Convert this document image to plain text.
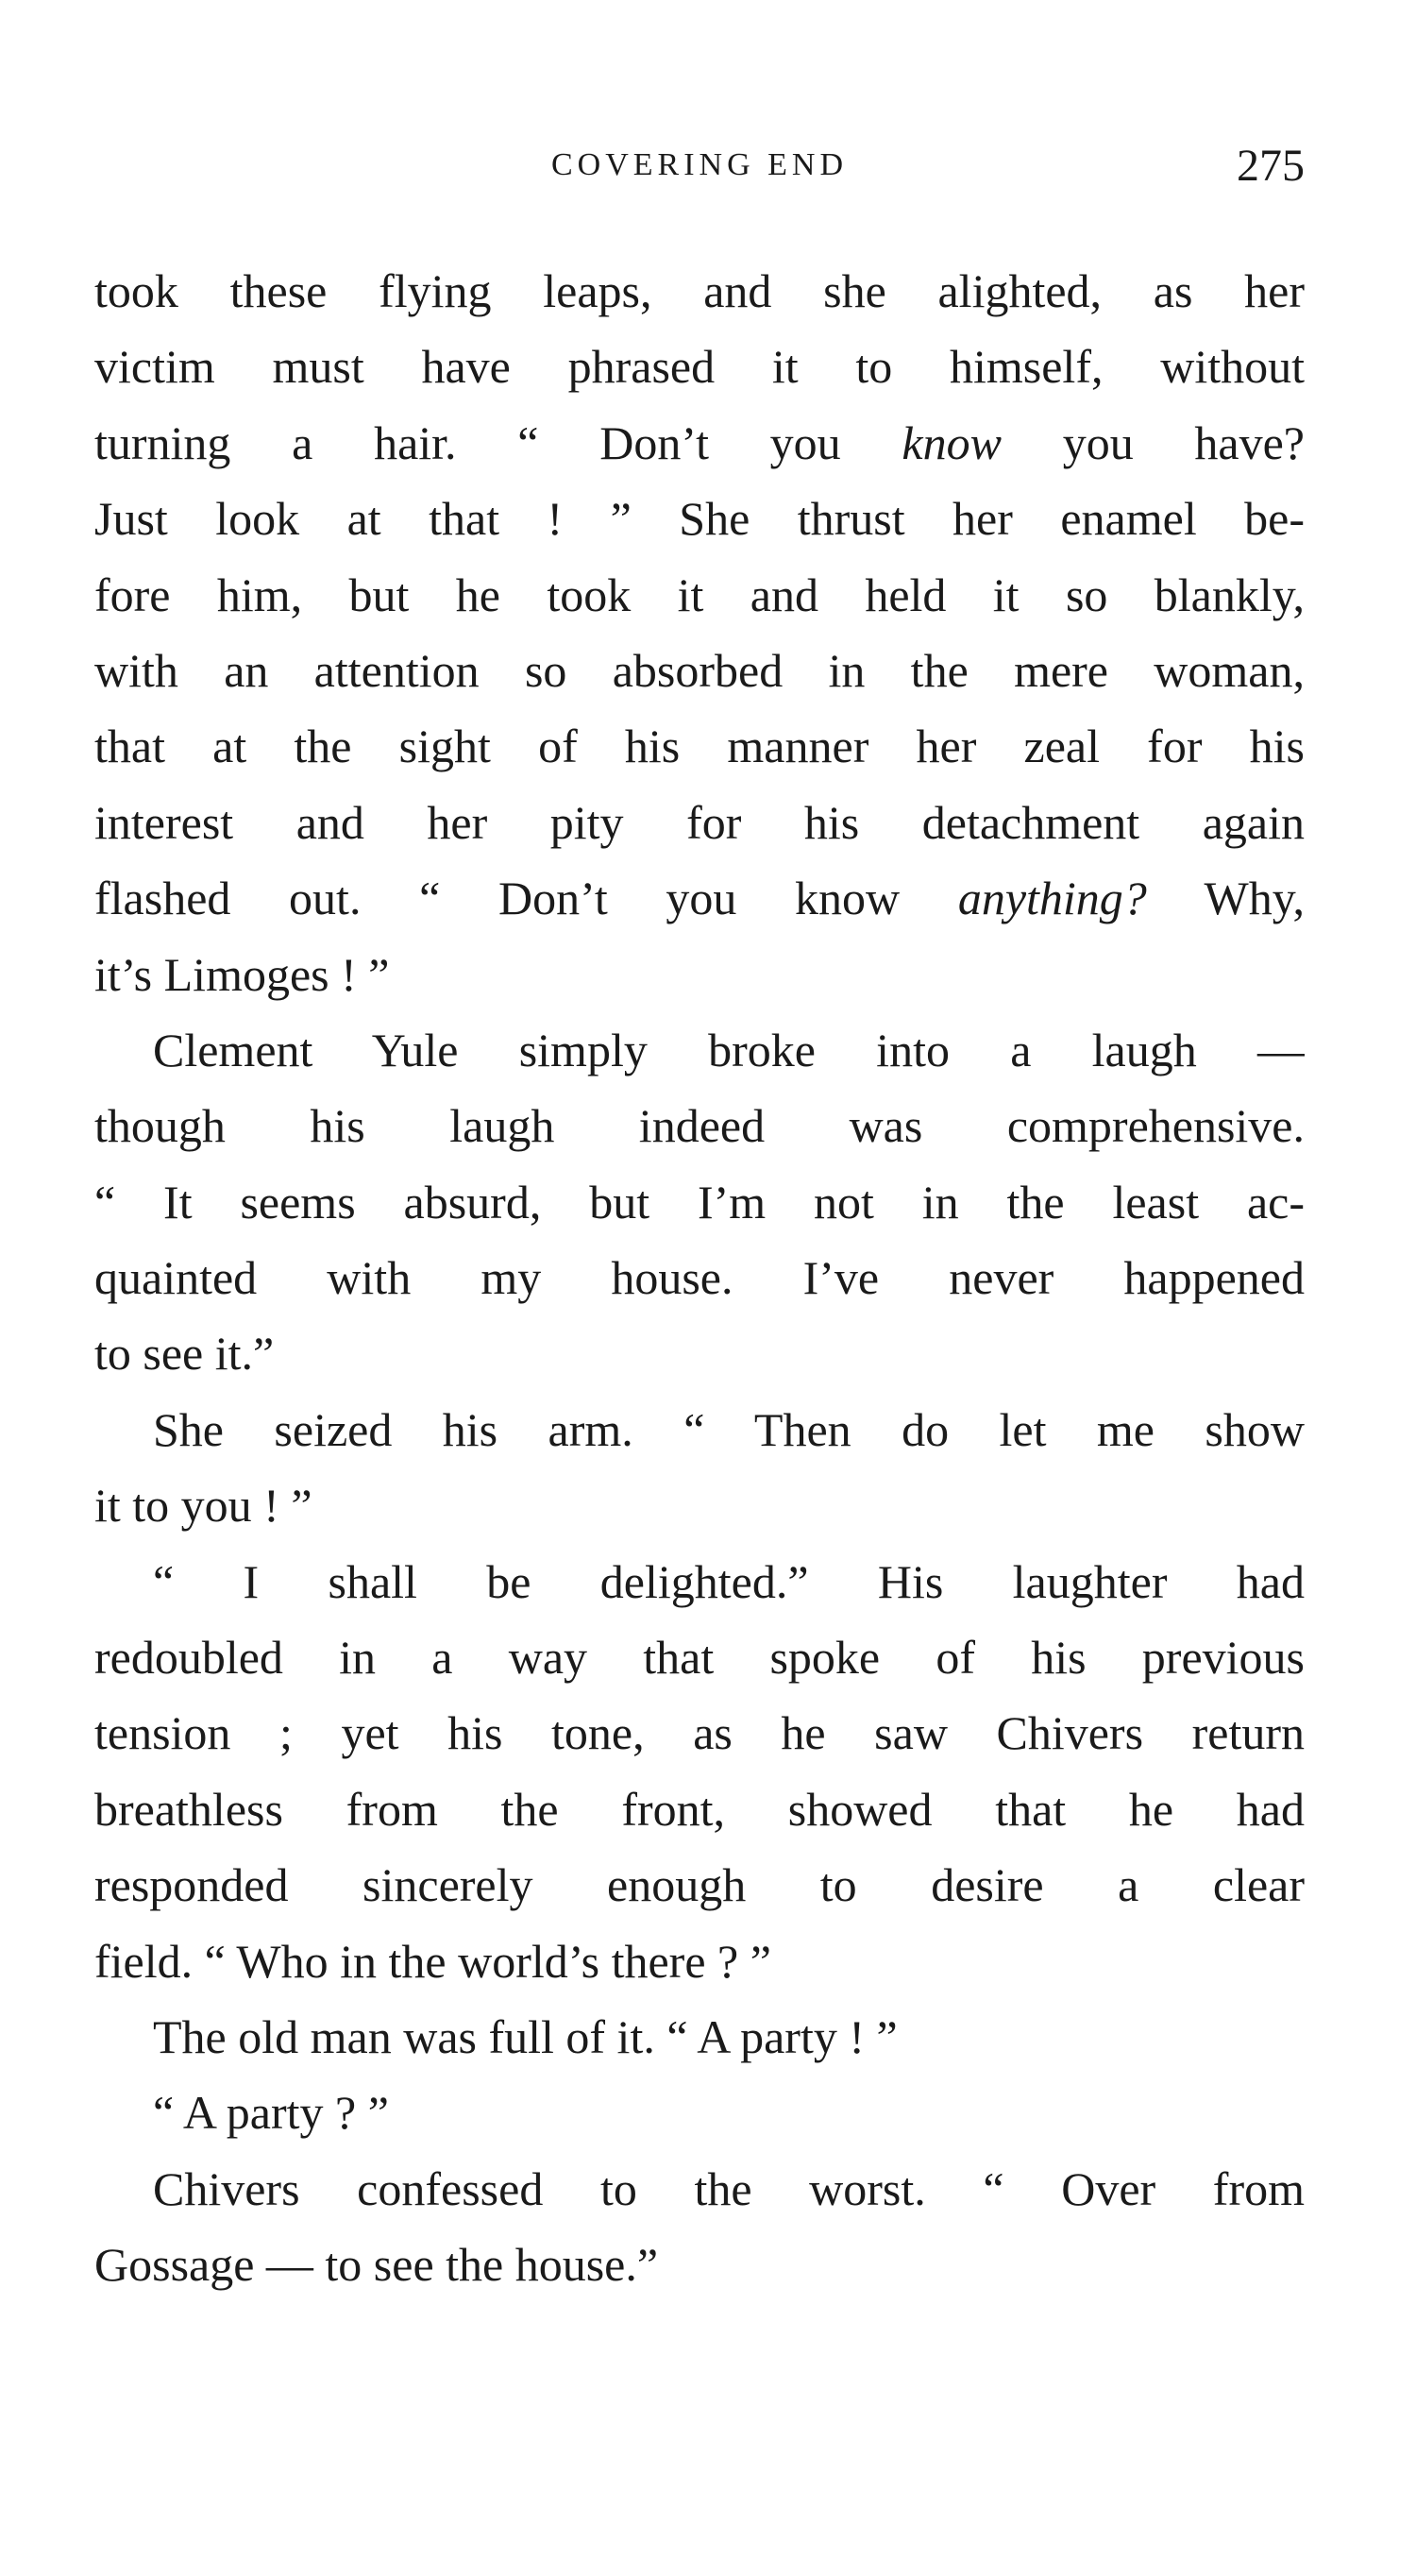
COVERING END	275
took these flying leaps, and she alighted, as her
victim must have phrased it to himself, without
turning a hair. “ Don’t you know you have?
Just look at that ! ” She thrust her enamel be-
fore him, but he took it and held it so blankly,
with an attention so absorbed in the mere woman,
that at the sight of his manner her zeal for his
interest and her pity for his detachment again
flashed out. “ Don’t you know anything? Why,
it’s Limoges ! ”
Clement Yule simply broke into a laugh —
though his laugh indeed was comprehensive.
“ It seems absurd, but I’m not in the least ac-
quainted with my house. I’ve never happened
to see it.”
She seized his arm. “ Then do let me show
it to you ! ”
“ I shall be delighted.” His laughter had
redoubled in a way that spoke of his previous
tension ; yet his tone, as he saw Chivers return
breathless from the front, showed that he had
responded sincerely enough to desire a clear
field. “ Who in the world’s there ? ”
The old man was full of it. “ A party ! ”
“ A party ? ”
Chivers confessed to the worst. “ Over from
Gossage — to see the house.”
